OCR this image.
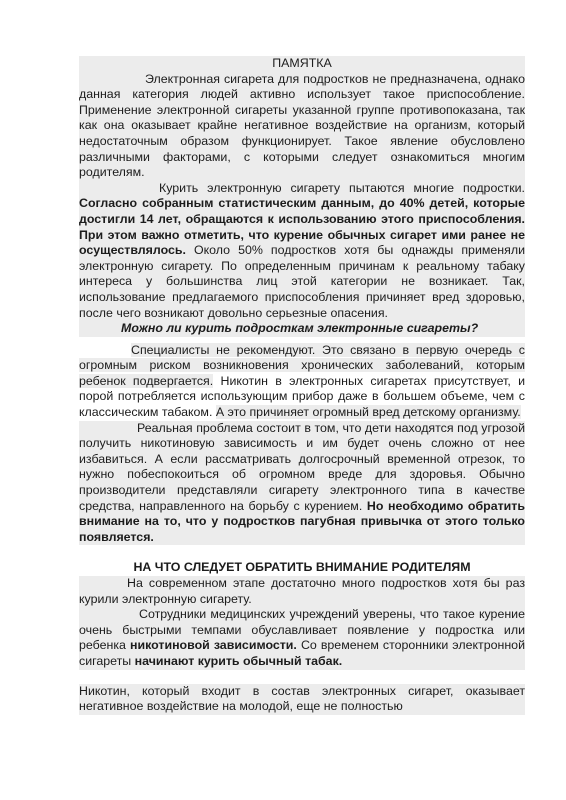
ПАМЯТКА

Электронная сигарета для подростков не предназначена, однако данная категория людей активно использует такое приспособление. Применение электронной сигареты указанной группе противопоказана, так как она оказывает крайне негативное воздействие на организм, который недостаточным образом функционирует. Такое явление обусловлено различными факторами, с которыми следует ознакомиться многим родителям.

Курить электронную сигарету пытаются многие подростки. Согласно собранным статистическим данным, до 40% детей, которые достигли 14 лет, обращаются к использованию этого приспособления. При этом важно отметить, что курение обычных сигарет ими ранее не осуществлялось. Около 50% подростков хотя бы однажды применяли электронную сигарету. По определенным причинам к реальному табаку интереса у большинства лиц этой категории не возникает. Так, использование предлагаемого приспособления причиняет вред здоровью, после чего возникают довольно серьезные опасения.

Можно ли курить подросткам электронные сигареты?

Специалисты не рекомендуют. Это связано в первую очередь с огромным риском возникновения хронических заболеваний, которым ребенок подвергается. Никотин в электронных сигаретах присутствует, и порой потребляется использующим прибор даже в большем объеме, чем с классическим табаком. А это причиняет огромный вред детскому организму.

Реальная проблема состоит в том, что дети находятся под угрозой получить никотиновую зависимость и им будет очень сложно от нее избавиться. А если рассматривать долгосрочный временной отрезок, то нужно побеспокоиться об огромном вреде для здоровья. Обычно производители представляли сигарету электронного типа в качестве средства, направленного на борьбу с курением. Но необходимо обратить внимание на то, что у подростков пагубная привычка от этого только появляется.

НА ЧТО СЛЕДУЕТ ОБРАТИТЬ ВНИМАНИЕ РОДИТЕЛЯМ

На современном этапе достаточно много подростков хотя бы раз курили электронную сигарету.

Сотрудники медицинских учреждений уверены, что такое курение очень быстрыми темпами обуславливает появление у подростка или ребенка никотиновой зависимости. Со временем сторонники электронной сигареты начинают курить обычный табак.

Никотин, который входит в состав электронных сигарет, оказывает негативное воздействие на молодой, еще не полностью
